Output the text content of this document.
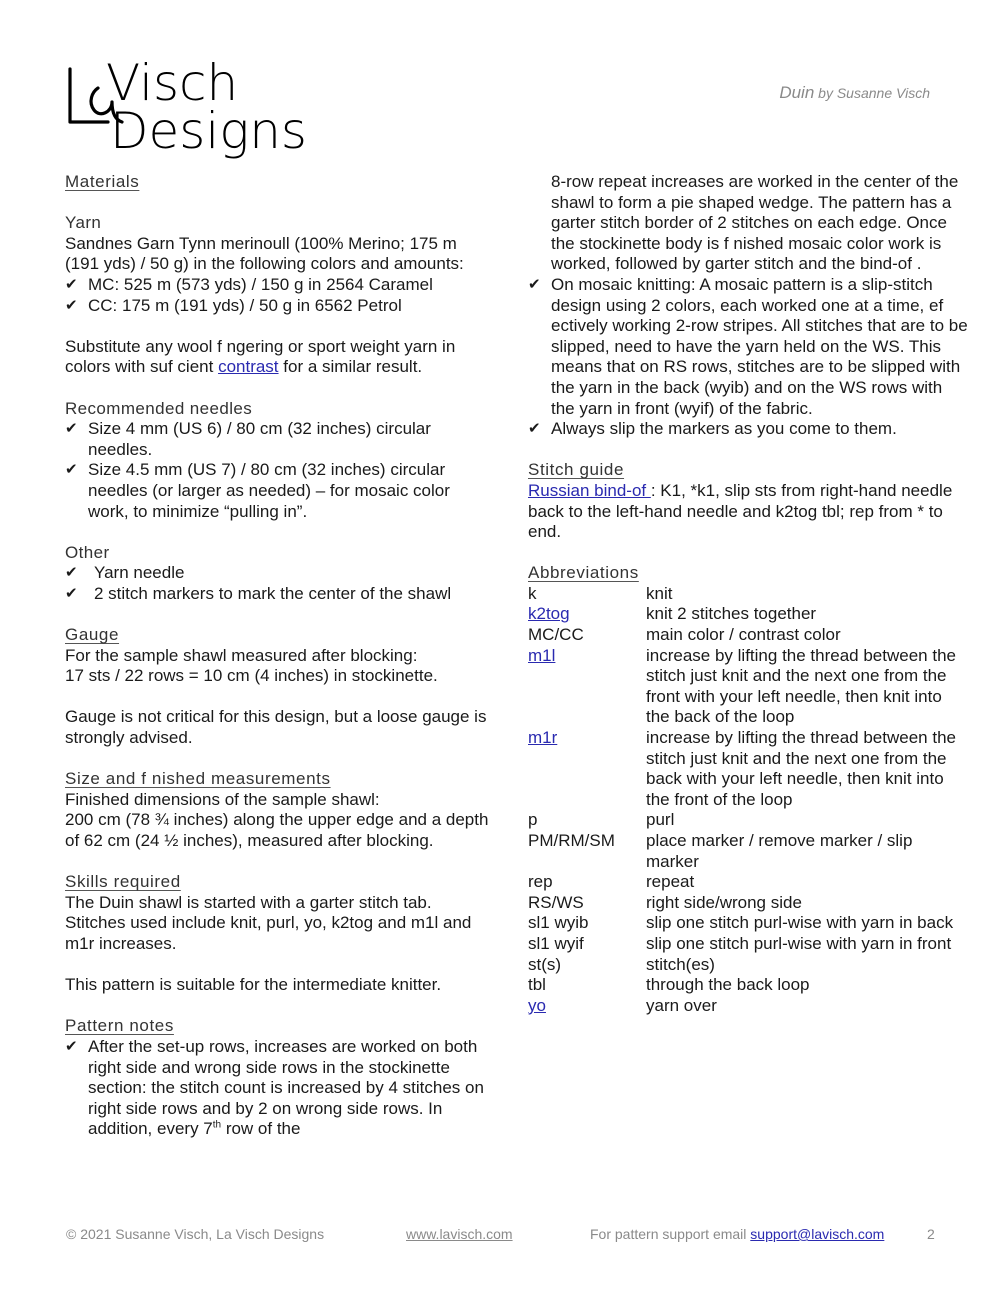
Visch
Designs
Duin by Susanne Visch
Materials
Yarn

Sandnes Garn Tynn merinoull (100% Merino; 175 m (191 yds) / 50 g) in the following colors and amounts:

✔ MC: 525 m (573 yds) / 150 g in 2564 Caramel
✔ CC: 175 m (191 yds) / 50 g in 6562 Petrol

Substitute any wool f ngering or sport weight yarn in colors with suf cient contrast for a similar result.

Recommended needles
✔ Size 4 mm (US 6) / 80 cm (32 inches) circular needles.
✔ Size 4.5 mm (US 7) / 80 cm (32 inches) circular needles (or larger as needed) – for mosaic color work, to minimize “pulling in”.
Other
✔ Yarn needle
✔ 2 stitch markers to mark the center of the shawl
Gauge

For the sample shawl measured after blocking:

17 sts / 22 rows = 10 cm (4 inches) in stockinette.

Gauge is not critical for this design, but a loose gauge is strongly advised.

Size and f nished measurements

Finished dimensions of the sample shawl:

200 cm (78 ¾ inches) along the upper edge and a depth of 62 cm (24 ½ inches), measured after blocking.

Skills required

The Duin shawl is started with a garter stitch tab. Stitches used include knit, purl, yo, k2tog and m1l and m1r increases.

This pattern is suitable for the intermediate knitter.

Pattern notes
✔ After the set-up rows, increases are worked on both right side and wrong side rows in the stockinette section: the stitch count is increased by 4 stitches on right side rows and by 2 on wrong side rows. In addition, every 7th row of the
8-row repeat increases are worked in the center of the shawl to form a pie shaped wedge. The pattern has a garter stitch border of 2 stitches on each edge. Once the stockinette body is f nished mosaic color work is worked, followed by garter stitch and the bind-of .
✔ On mosaic knitting: A mosaic pattern is a slip-stitch design using 2 colors, each worked one at a time, ef ectively working 2-row stripes. All stitches that are to be slipped, need to have the yarn held on the WS. This means that on RS rows, stitches are to be slipped with the yarn in the back (wyib) and on the WS rows with the yarn in front (wyif) of the fabric.
✔ Always slip the markers as you come to them.
Stitch guide

Russian bind-of : K1, *k1, slip sts from right-hand needle back to the left-hand needle and k2tog tbl; rep from * to end.

Abbreviations
k	knit
k2tog	knit 2 stitches together
MC/CC	main color / contrast color
m1l	increase by lifting the thread between the stitch just knit and the next one from the front with your left needle, then knit into the back of the loop
m1r	increase by lifting the thread between the stitch just knit and the next one from the back with your left needle, then knit into the front of the loop
p	purl
PM/RM/SM	place marker / remove marker / slip marker
rep	repeat
RS/WS	right side/wrong side
sl1 wyib	slip one stitch purl-wise with yarn in back
sl1 wyif	slip one stitch purl-wise with yarn in front
st(s)	stitch(es)
tbl	through the back loop
yo	yarn over
© 2021 Susanne Visch, La Visch Designs	www.lavisch.com	For pattern support email support@lavisch.com	2
